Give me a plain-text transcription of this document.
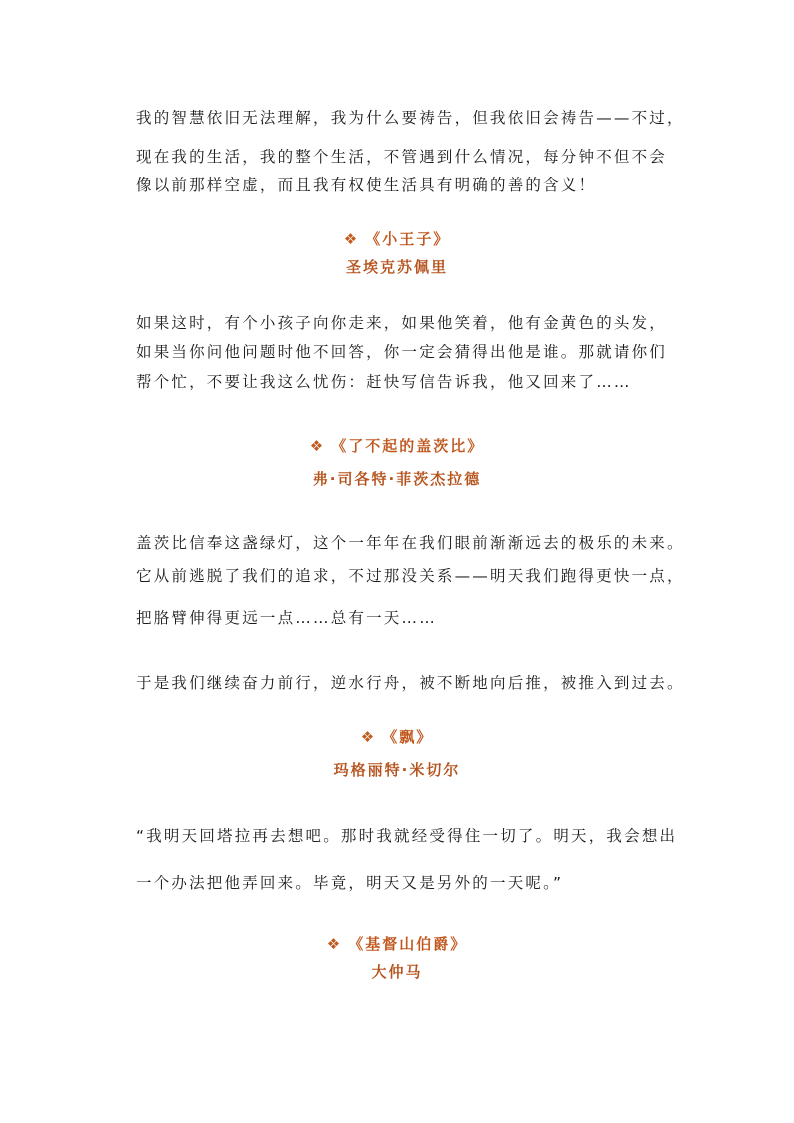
我的智慧依旧无法理解，我为什么要祷告，但我依旧会祷告——不过，
现在我的生活，我的整个生活，不管遇到什么情况，每分钟不但不会
像以前那样空虚，而且我有权使生活具有明确的善的含义！
❖ 《小王子》
圣埃克苏佩里
如果这时，有个小孩子向你走来，如果他笑着，他有金黄色的头发，
如果当你问他问题时他不回答，你一定会猜得出他是谁。那就请你们
帮个忙，不要让我这么忧伤：赶快写信告诉我，他又回来了……
❖ 《了不起的盖茨比》
弗·司各特·菲茨杰拉德
盖茨比信奉这盏绿灯，这个一年年在我们眼前渐渐远去的极乐的未来。
它从前逃脱了我们的追求，不过那没关系——明天我们跑得更快一点，
把胳臂伸得更远一点……总有一天……
于是我们继续奋力前行，逆水行舟，被不断地向后推，被推入到过去。
❖ 《飘》
玛格丽特·米切尔
“我明天回塔拉再去想吧。那时我就经受得住一切了。明天，我会想出
一个办法把他弄回来。毕竟，明天又是另外的一天呢。”
❖ 《基督山伯爵》
大仲马
